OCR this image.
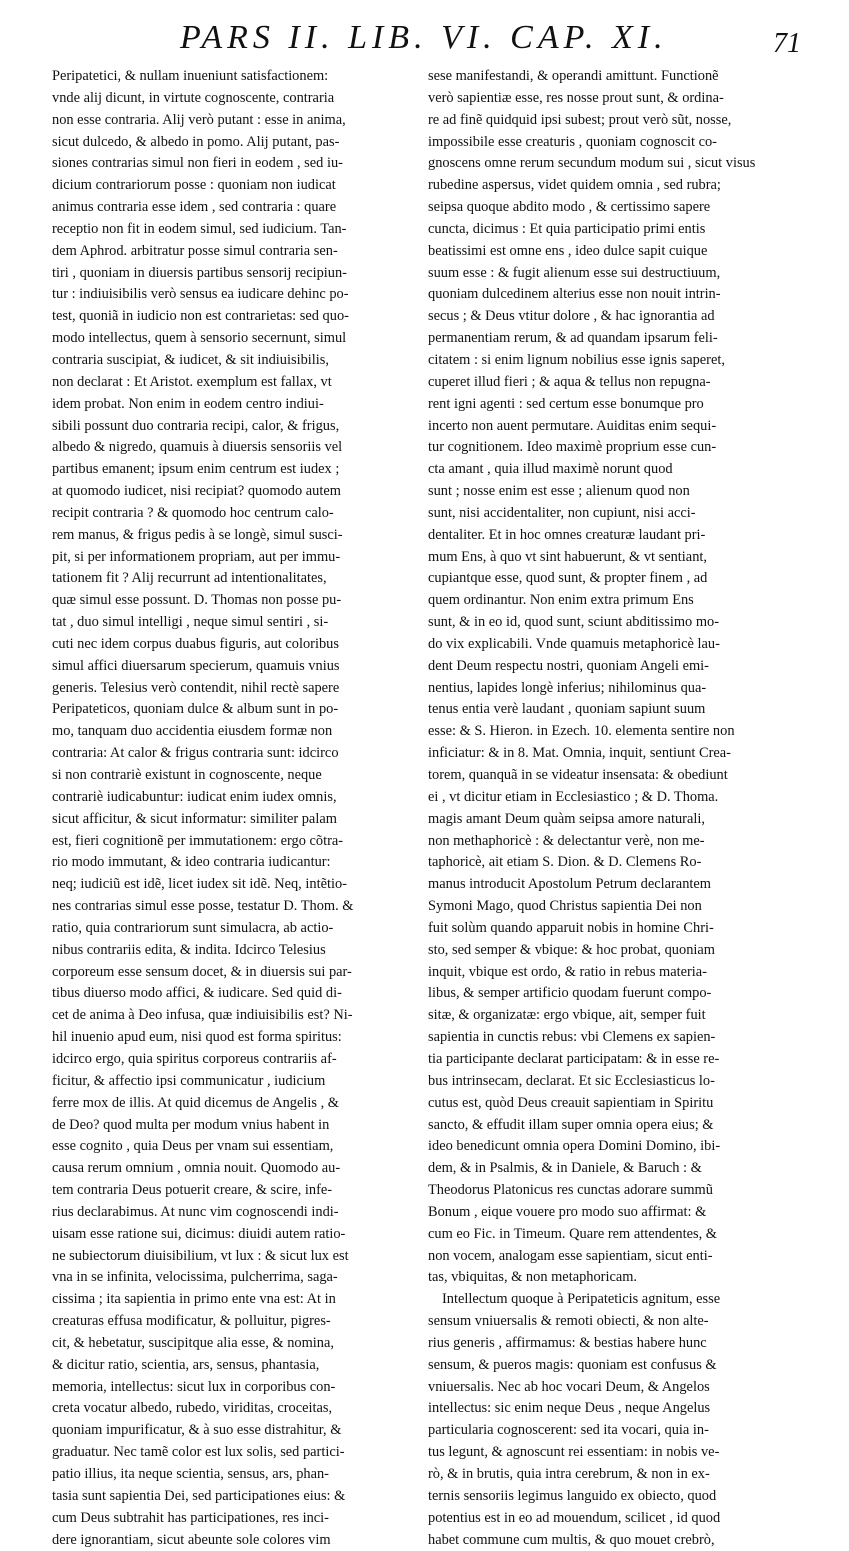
PARS II. LIB. VI. CAP. XI.	71
Peripatetici, & nullam inueniunt satisfactionem:
vnde alij dicunt, in virtute cognoscente, contraria
non esse contraria. Alij verò putant : esse in anima,
sicut dulcedo, & albedo in pomo. Alij putant, pas-
siones contrarias simul non fieri in eodem , sed iu-
dicium contrariorum posse : quoniam non iudicat
animus contraria esse idem , sed contraria : quare
receptio non fit in eodem simul, sed iudicium. Tan-
dem Aphrod. arbitratur posse simul contraria sen-
tiri , quoniam in diuersis partibus sensorij recipiun-
tur : indiuisibilis verò sensus ea iudicare dehinc po-
test, quoniã in iudicio non est contrarietas: sed quo-
modo intellectus, quem à sensorio secernunt, simul
contraria suscipiat, & iudicet, & sit indiuisibilis,
non declarat : Et Aristot. exemplum est fallax, vt
idem probat. Non enim in eodem centro indiui-
sibili possunt duo contraria recipi, calor, & frigus,
albedo & nigredo, quamuis à diuersis sensoriis vel
partibus emanent; ipsum enim centrum est iudex ;
at quomodo iudicet, nisi recipiat? quomodo autem
recipit contraria ? & quomodo hoc centrum calo-
rem manus, & frigus pedis à se longè, simul susci-
pit, si per informationem propriam, aut per immu-
tationem fit ? Alij recurrunt ad intentionalitates,
quæ simul esse possunt. D. Thomas non posse pu-
tat , duo simul intelligi , neque simul sentiri , si-
cuti nec idem corpus duabus figuris, aut coloribus
simul affici diuersarum specierum, quamuis vnius
generis. Telesius verò contendit, nihil rectè sapere
Peripateticos, quoniam dulce & album sunt in po-
mo, tanquam duo accidentia eiusdem formæ non
contraria: At calor & frigus contraria sunt: idcirco
si non contrariè existunt in cognoscente, neque
contrariè iudicabuntur: iudicat enim iudex omnis,
sicut afficitur, & sicut informatur: similiter palam
est, fieri cognitionẽ per immutationem: ergo cõtra-
rio modo immutant, & ideo contraria iudicantur:
neq; iudiciũ est idẽ, licet iudex sit idẽ. Neq, intẽtio-
nes contrarias simul esse posse, testatur D. Thom. &
ratio, quia contrariorum sunt simulacra, ab actio-
nibus contrariis edita, & indita. Idcirco Telesius
corporeum esse sensum docet, & in diuersis sui par-
tibus diuerso modo affici, & iudicare. Sed quid di-
cet de anima à Deo infusa, quæ indiuisibilis est? Ni-
hil inuenio apud eum, nisi quod est forma spiritus:
idcirco ergo, quia spiritus corporeus contrariis af-
ficitur, & affectio ipsi communicatur , iudicium
ferre mox de illis. At quid dicemus de Angelis , &
de Deo? quod multa per modum vnius habent in
esse cognito , quia Deus per vnam sui essentiam,
causa rerum omnium , omnia nouit. Quomodo au-
tem contraria Deus potuerit creare, & scire, infe-
rius declarabimus. At nunc vim cognoscendi indi-
uisam esse ratione sui, dicimus: diuidi autem ratio-
ne subiectorum diuisibilium, vt lux : & sicut lux est
vna in se infinita, velocissima, pulcherrima, saga-
cissima ; ita sapientia in primo ente vna est: At in
creaturas effusa modificatur, & polluitur, pigres-
cit, & hebetatur, suscipitque alia esse, & nomina,
& dicitur ratio, scientia, ars, sensus, phantasia,
memoria, intellectus: sicut lux in corporibus con-
creta vocatur albedo, rubedo, viriditas, croceitas,
quoniam impurificatur, & à suo esse distrahitur, &
graduatur. Nec tamẽ color est lux solis, sed partici-
patio illius, ita neque scientia, sensus, ars, phan-
tasia sunt sapientia Dei, sed participationes eius: &
cum Deus subtrahit has participationes, res inci-
dere ignorantiam, sicut abeunte sole colores vim
sese manifestandi, & operandi amittunt. Functionẽ
verò sapientiæ esse, res nosse prout sunt, & ordina-
re ad finẽ quidquid ipsi subest; prout verò sũt, nosse,
impossibile esse creaturis , quoniam cognoscit co-
gnoscens omne rerum secundum modum sui , sicut visus
rubedine aspersus, videt quidem omnia , sed rubra;
seipsa quoque abdito modo , & certissimo sapere
cuncta, dicimus : Et quia participatio primi entis
beatissimi est omne ens , ideo dulce sapit cuique
suum esse : & fugit alienum esse sui destructiuum,
quoniam dulcedinem alterius esse non nouit intrin-
secus ; & Deus vtitur dolore , & hac ignorantia ad
permanentiam rerum, & ad quandam ipsarum feli-
citatem : si enim lignum nobilius esse ignis saperet,
cuperet illud fieri ; & aqua & tellus non repugna-
rent igni agenti : sed certum esse bonumque pro
incerto non auent permutare. Auiditas enim sequi-
tur cognitionem. Ideo maximè proprium esse cun-
cta amant , quia illud maximè norunt quod
sunt ; nosse enim est esse ; alienum quod non
sunt, nisi accidentaliter, non cupiunt, nisi acci-
dentaliter. Et in hoc omnes creaturæ laudant pri-
mum Ens, à quo vt sint habuerunt, & vt sentiant,
cupiantque esse, quod sunt, & propter finem , ad
quem ordinantur. Non enim extra primum Ens
sunt, & in eo id, quod sunt, sciunt abditissimo mo-
do vix explicabili. Vnde quamuis metaphoricè lau-
dent Deum respectu nostri, quoniam Angeli emi-
nentius, lapides longè inferius; nihilominus qua-
tenus entia verè laudant , quoniam sapiunt suum
esse: & S. Hieron. in Ezech. 10. elementa sentire non
inficiatur: & in 8. Mat. Omnia, inquit, sentiunt Crea-
torem, quanquã in se videatur insensata: & obediunt
ei , vt dicitur etiam in Ecclesiastico ; & D. Thoma.
magis amant Deum quàm seipsa amore naturali,
non methaphoricè : & delectantur verè, non me-
taphoricè, ait etiam S. Dion. & D. Clemens Ro-
manus introducit Apostolum Petrum declarantem
Symoni Mago, quod Christus sapientia Dei non
fuit solùm quando apparuit nobis in homine Chri-
sto, sed semper & vbique: & hoc probat, quoniam
inquit, vbique est ordo, & ratio in rebus materia-
libus, & semper artificio quodam fuerunt compo-
sitæ, & organizatæ: ergo vbique, ait, semper fuit
sapientia in cunctis rebus: vbi Clemens ex sapien-
tia participante declarat participatam: & in esse re-
bus intrinsecam, declarat. Et sic Ecclesiasticus lo-
cutus est, quòd Deus creauit sapientiam in Spiritu
sancto, & effudit illam super omnia opera eius; &
ideo benedicunt omnia opera Domini Domino, ibi-
dem, & in Psalmis, & in Daniele, & Baruch : &
Theodorus Platonicus res cunctas adorare summũ
Bonum , eique vouere pro modo suo affirmat: &
cum eo Fic. in Timeum. Quare rem attendentes, &
non vocem, analogam esse sapientiam, sicut enti-
tas, vbiquitas, & non metaphoricam.
Intellectum quoque à Peripateticis agnitum, esse
sensum vniuersalis & remoti obiecti, & non alte-
rius generis , affirmamus: & bestias habere hunc
sensum, & pueros magis: quoniam est confusus &
vniuersalis. Nec ab hoc vocari Deum, & Angelos
intellectus: sic enim neque Deus , neque Angelus
particularia cognoscerent: sed ita vocari, quia in-
tus legunt, & agnoscunt rei essentiam: in nobis ve-
rò, & in brutis, quia intra cerebrum, & non in ex-
ternis sensoriis legimus languido ex obiecto, quod
potentius est in eo ad mouendum, scilicet , id quod
habet commune cum multis, & quo mouet crebrò,
